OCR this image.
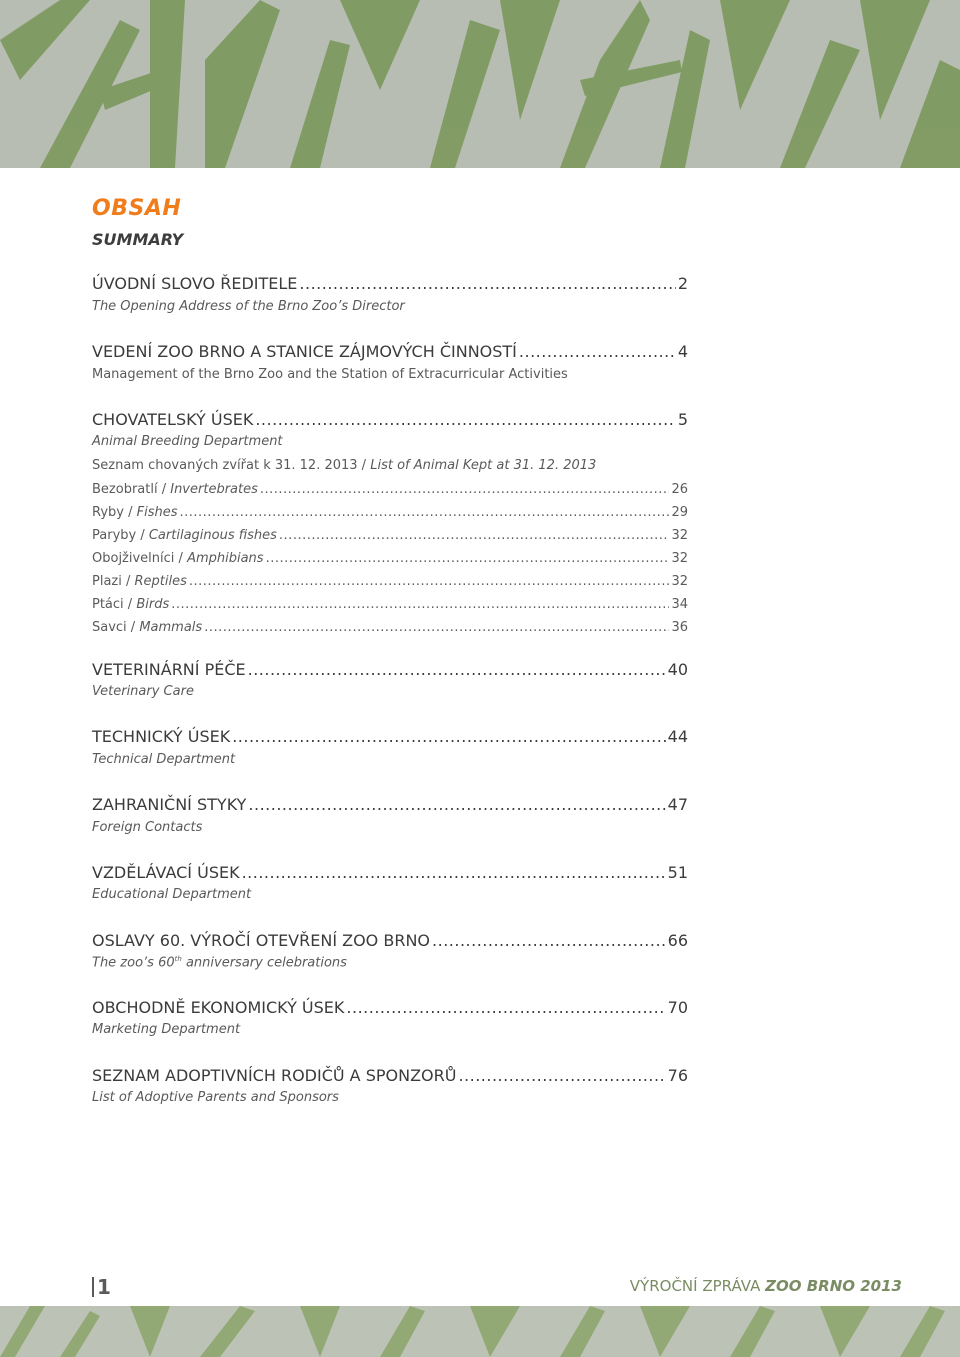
OBSAH
SUMMARY
ÚVODNÍ SLOVO ŘEDITELE .....	2
The Opening Address of the Brno Zoo’s Director
VEDENÍ ZOO BRNO A STANICE ZÁJMOVÝCH ČINNOSTÍ .....	4
Management of the Brno Zoo and the Station of Extracurricular Activities
CHOVATELSKÝ ÚSEK .....	5
Animal Breeding Department
Seznam chovaných zvířat k 31. 12. 2013 / List of Animal Kept at 31. 12. 2013
Bezobratlí / Invertebrates .....	26
Ryby / Fishes .....	29
Paryby / Cartilaginous fishes .....	32
Obojživelníci / Amphibians .....	32
Plazi / Reptiles .....	32
Ptáci / Birds .....	34
Savci / Mammals .....	36
VETERINÁRNÍ PÉČE .....	40
Veterinary Care
TECHNICKÝ ÚSEK .....	44
Technical Department
ZAHRANIČNÍ STYKY .....	47
Foreign Contacts
VZDĚLÁVACÍ ÚSEK .....	51
Educational Department
OSLAVY 60. VÝROČÍ OTEVŘENÍ ZOO BRNO .....	66
The zoo’s 60th anniversary celebrations
OBCHODNĚ EKONOMICKÝ ÚSEK .....	70
Marketing Department
SEZNAM ADOPTIVNÍCH RODIČŮ A SPONZORŮ .....	76
List of Adoptive Parents and Sponsors
1	VÝROČNÍ ZPRÁVA ZOO BRNO 2013
